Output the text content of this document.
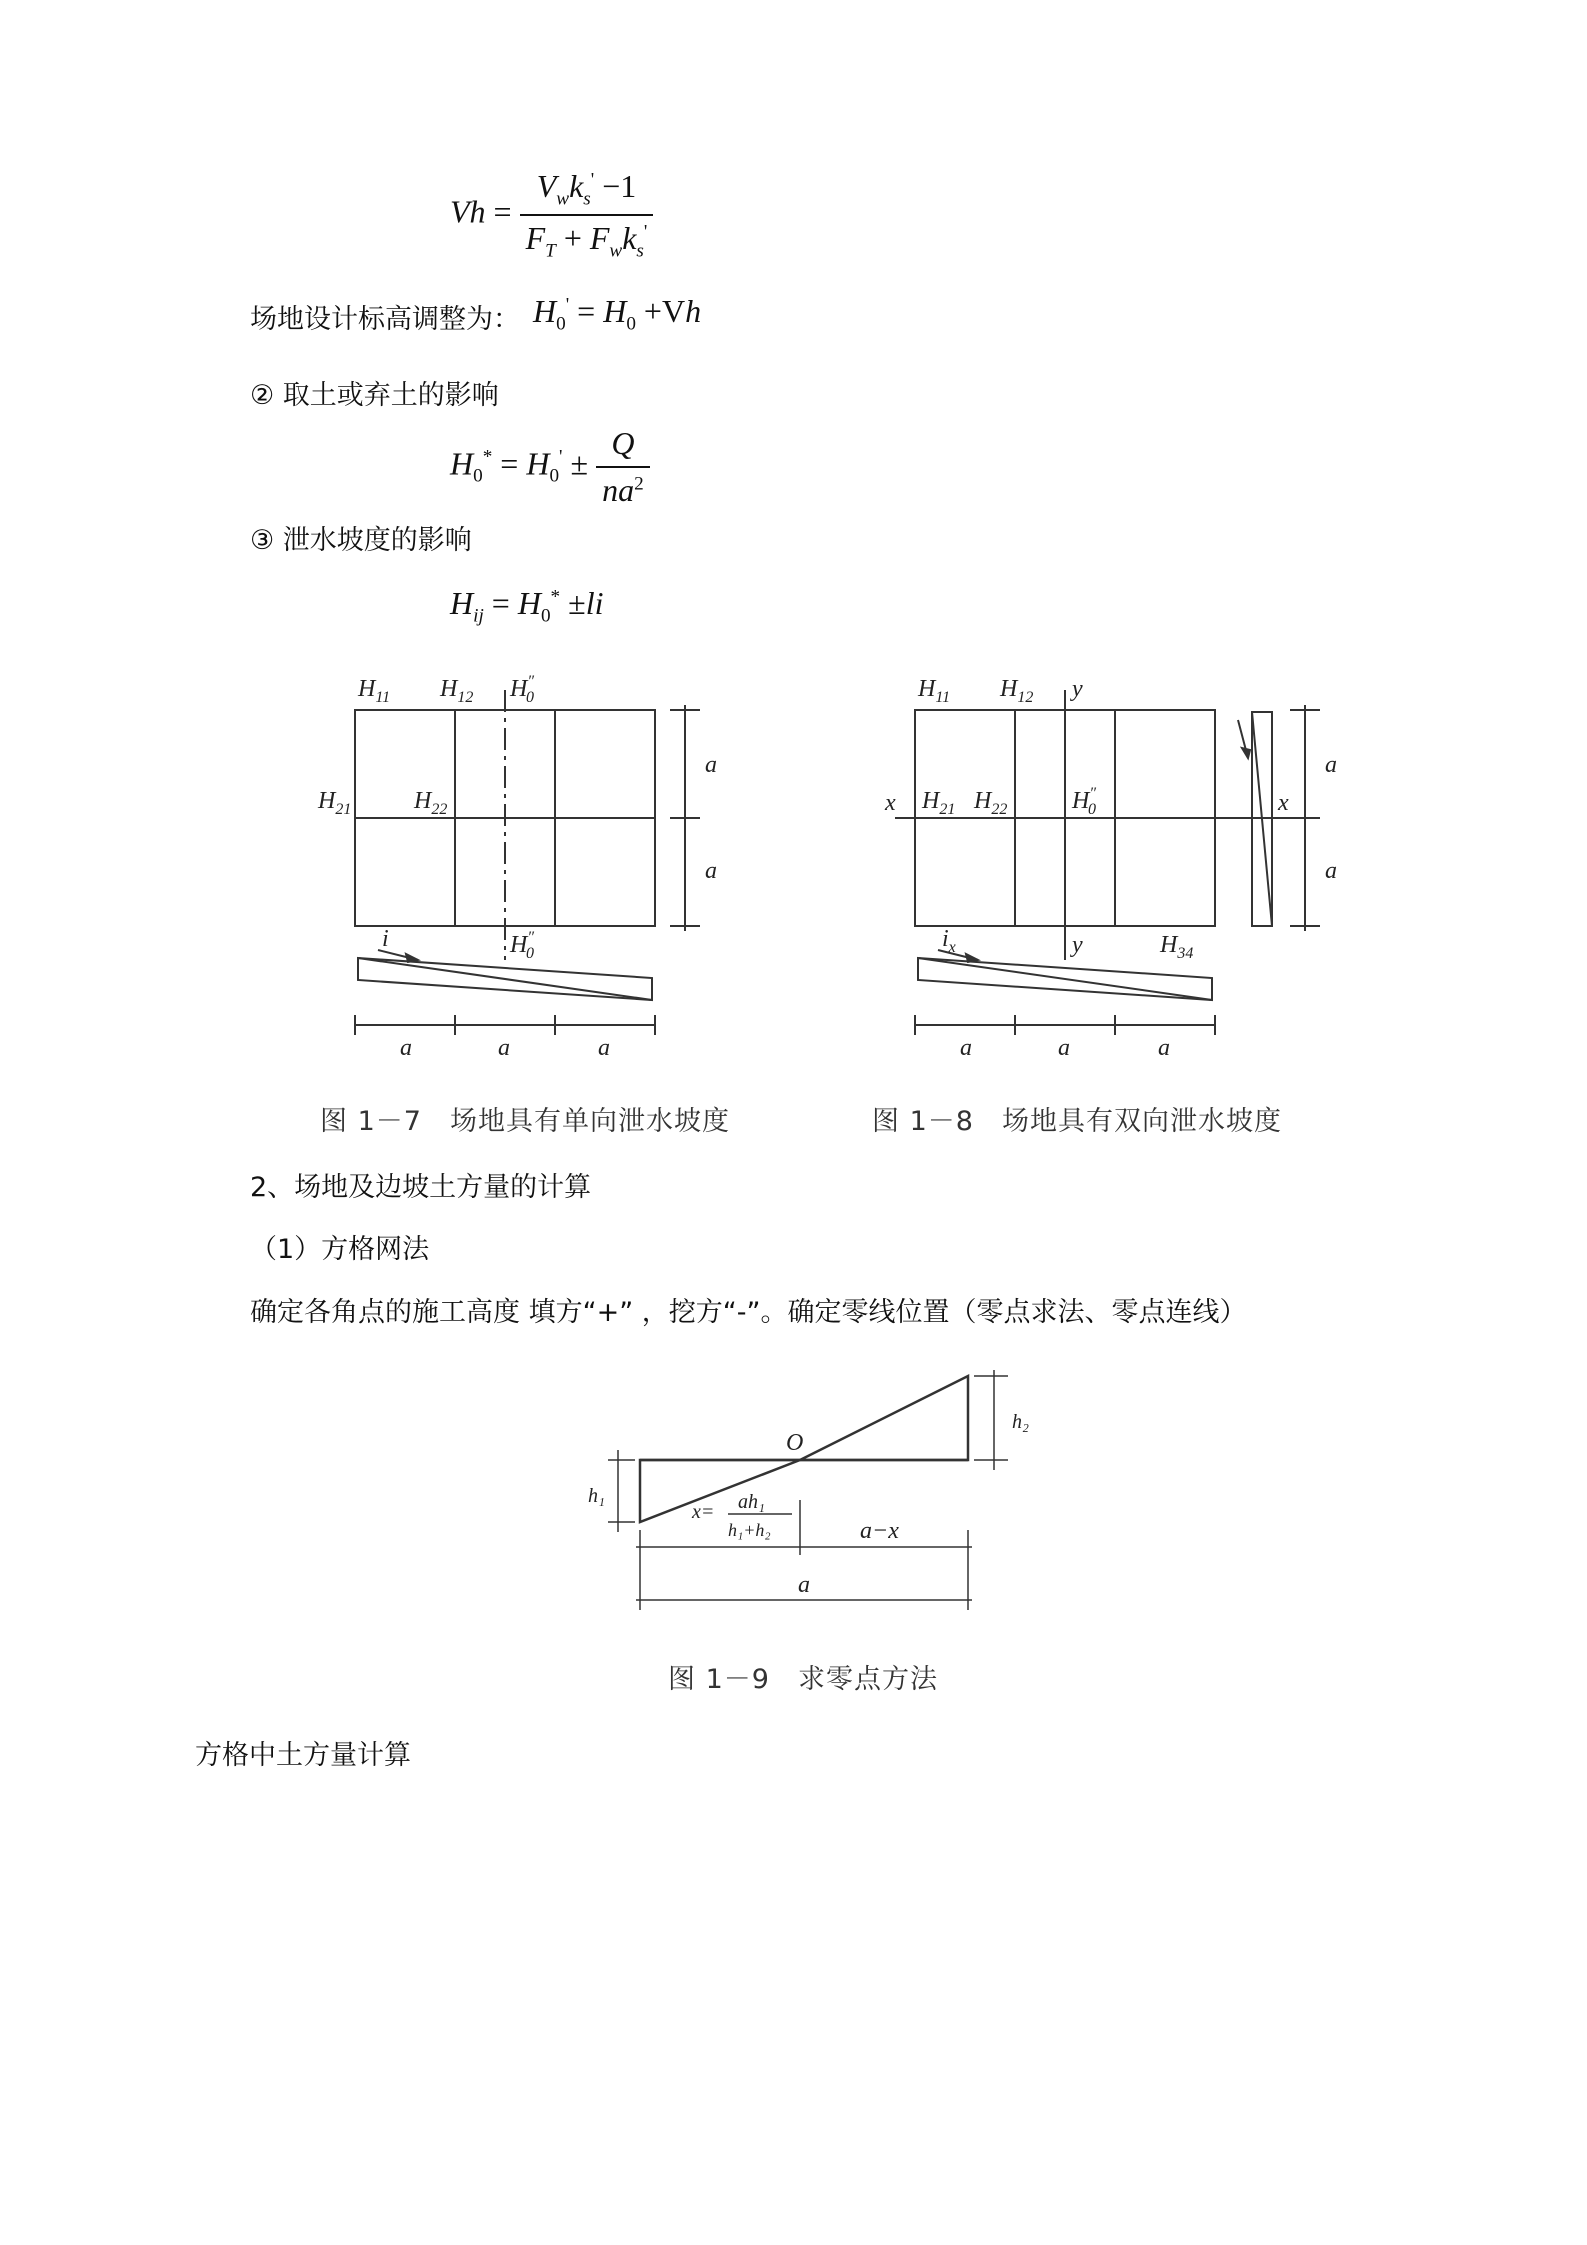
$Vh = \frac{V_wk_s' -1}{F_T + F_wk_s'}$
场地设计标高调整为： $H_0' = H_0 +Vh$
② 取土或弃土的影响
$H_0^* = H_0' \pm \frac{Q}{na^2}$
③ 泄水坡度的影响
$H_{ij} = H_0^* \pm li$
$H_{11}$ $H_{12}$ H″ 0
$H_{21}$	$H_{22}$
H″ 0
i
a
a
a	a	a
图 1－7　场地具有单向泄水坡度
$H_{11}$ $H_{12}$ y
x $H_{21}$ $H_{22}$	H″ 0	x
y
$i_x$	$H_{34}$
a
a
a	a	a
图 1－8　场地具有双向泄水坡度
2、场地及边坡土方量的计算
（1）方格网法
确定各角点的施工高度 填方“+” ，挖方“-”。确定零线位置（零点求法、零点连线）
O
h₁
h₂
x= ah₁
h₁+h₂	a−x
a
图 1－9　求零点方法
方格中土方量计算
